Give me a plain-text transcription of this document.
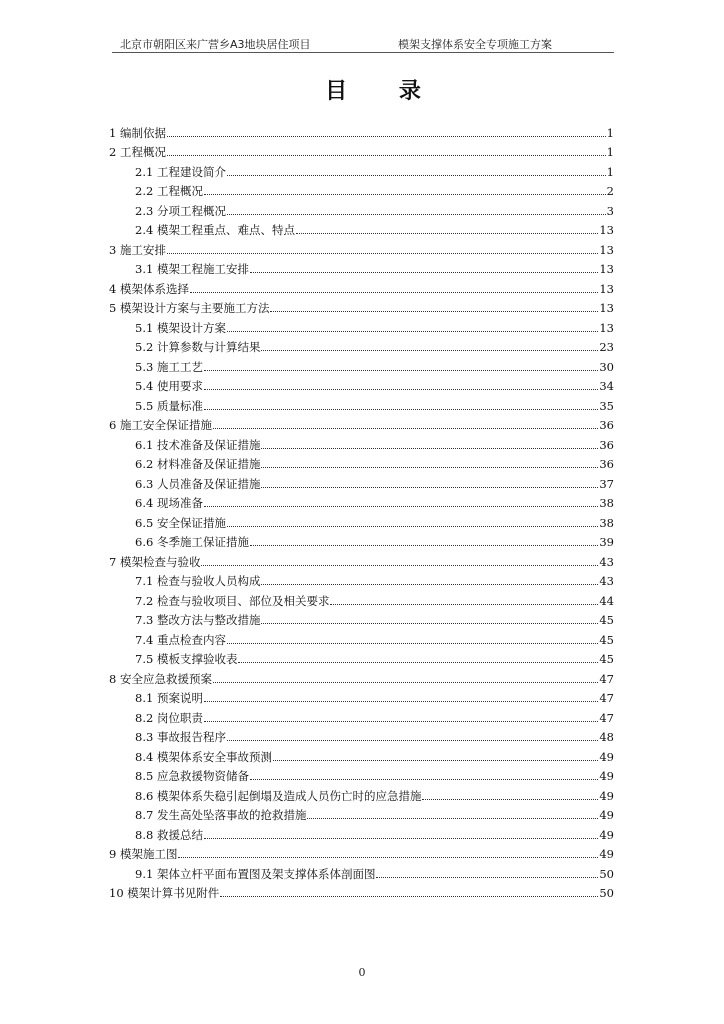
北京市朝阳区来广营乡A3地块居住项目	模架支撑体系安全专项施工方案
目 录
1 编制依据	1
2 工程概况	1
2.1 工程建设简介	1
2.2 工程概况	2
2.3 分项工程概况	3
2.4 模架工程重点、难点、特点	13
3 施工安排	13
3.1 模架工程施工安排	13
4 模架体系选择	13
5 模架设计方案与主要施工方法	13
5.1 模架设计方案	13
5.2 计算参数与计算结果	23
5.3 施工工艺	30
5.4 使用要求	34
5.5 质量标准	35
6 施工安全保证措施	36
6.1 技术准备及保证措施	36
6.2 材料准备及保证措施	36
6.3 人员准备及保证措施	37
6.4 现场准备	38
6.5 安全保证措施	38
6.6 冬季施工保证措施	39
7 模架检查与验收	43
7.1 检查与验收人员构成	43
7.2 检查与验收项目、部位及相关要求	44
7.3 整改方法与整改措施	45
7.4 重点检查内容	45
7.5 模板支撑验收表	45
8 安全应急救援预案	47
8.1 预案说明	47
8.2 岗位职责	47
8.3 事故报告程序	48
8.4 模架体系安全事故预测	49
8.5 应急救援物资储备	49
8.6 模架体系失稳引起倒塌及造成人员伤亡时的应急措施	49
8.7 发生高处坠落事故的抢救措施	49
8.8 救援总结	49
9 模架施工图	49
9.1 架体立杆平面布置图及架支撑体系体剖面图	50
10 模架计算书见附件	50
0
